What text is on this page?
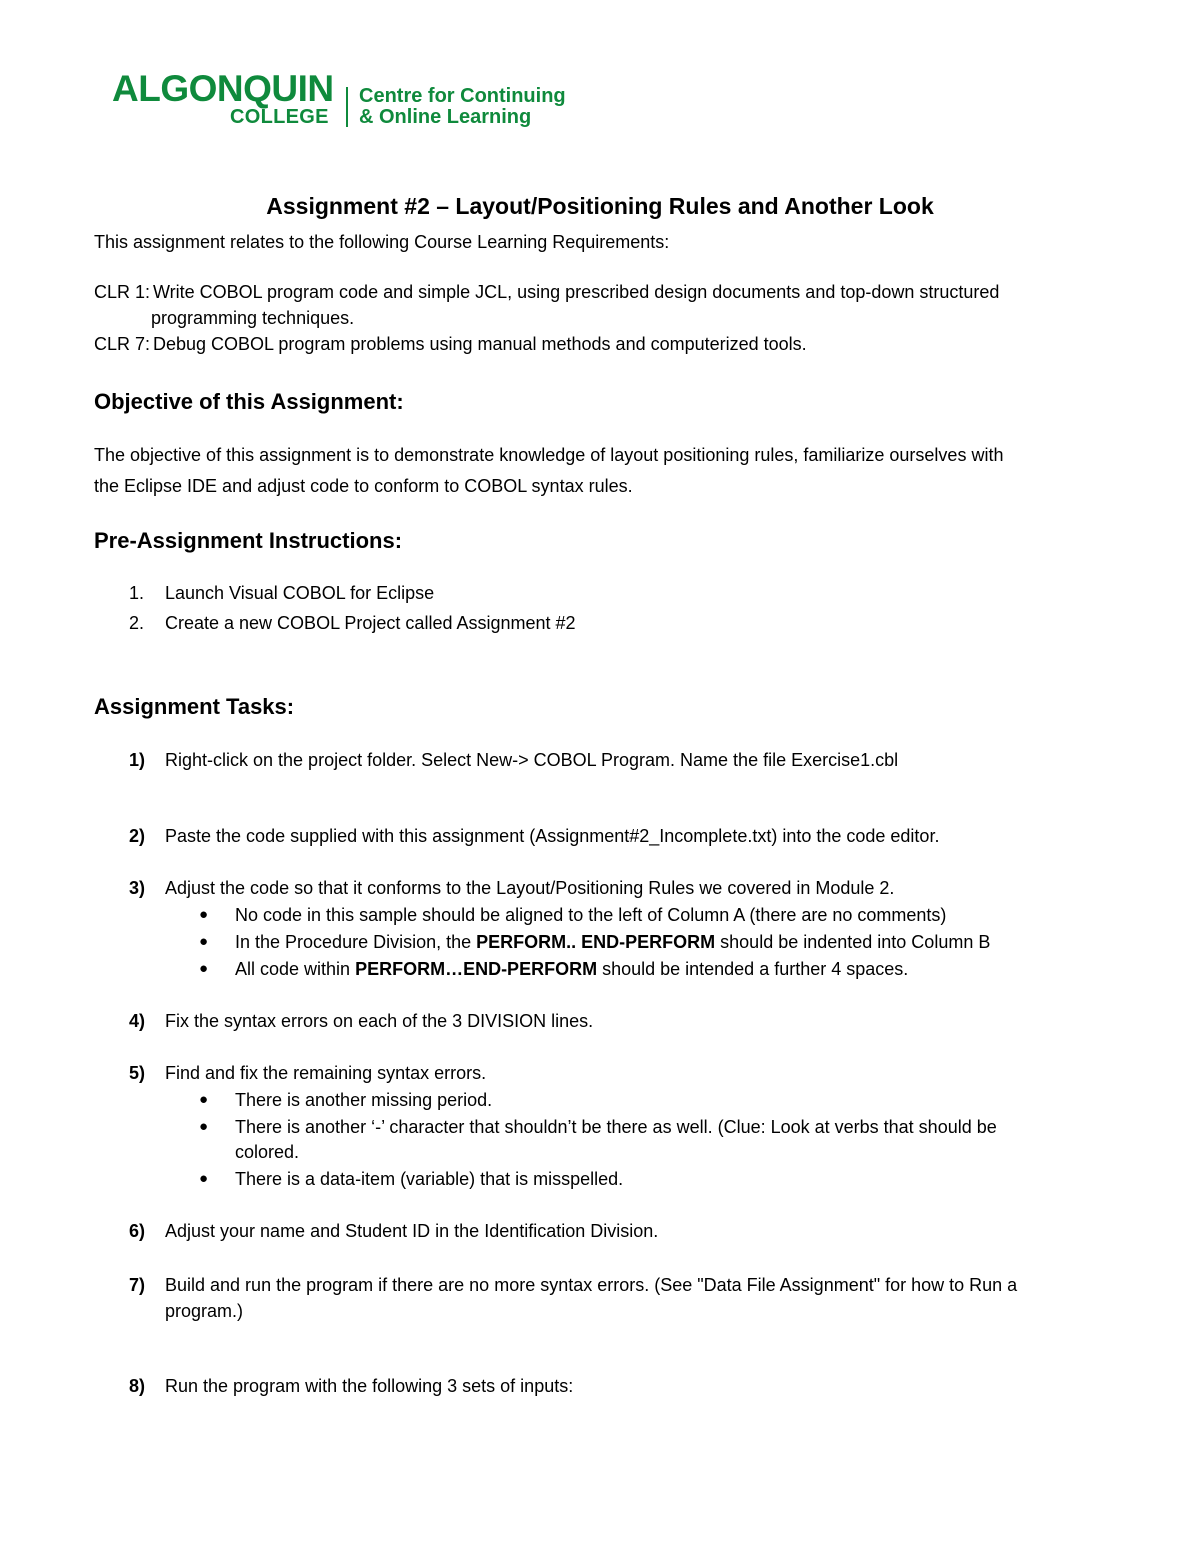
ALGONQUIN
COLLEGE
Centre for Continuing
& Online Learning
Assignment #2 – Layout/Positioning Rules and Another Look
This assignment relates to the following Course Learning Requirements:
CLR 1: Write COBOL program code and simple JCL, using prescribed design documents and top-down structured
programming techniques.
CLR 7: Debug COBOL program problems using manual methods and computerized tools.
Objective of this Assignment:
The objective of this assignment is to demonstrate knowledge of layout positioning rules, familiarize ourselves with
the Eclipse IDE and adjust code to conform to COBOL syntax rules.
Pre-Assignment Instructions:
1. Launch Visual COBOL for Eclipse
2. Create a new COBOL Project called Assignment #2
Assignment Tasks:
1) Right-click on the project folder. Select New-> COBOL Program. Name the file Exercise1.cbl
2) Paste the code supplied with this assignment (Assignment#2_Incomplete.txt) into the code editor.
3) Adjust the code so that it conforms to the Layout/Positioning Rules we covered in Module 2.
● No code in this sample should be aligned to the left of Column A (there are no comments)
● In the Procedure Division, the PERFORM.. END-PERFORM should be indented into Column B
● All code within PERFORM…END-PERFORM should be intended a further 4 spaces.
4) Fix the syntax errors on each of the 3 DIVISION lines.
5) Find and fix the remaining syntax errors.
● There is another missing period.
● There is another ‘-’ character that shouldn’t be there as well. (Clue: Look at verbs that should be
colored.
● There is a data-item (variable) that is misspelled.
6) Adjust your name and Student ID in the Identification Division.
7) Build and run the program if there are no more syntax errors. (See "Data File Assignment" for how to Run a
program.)
8) Run the program with the following 3 sets of inputs:
